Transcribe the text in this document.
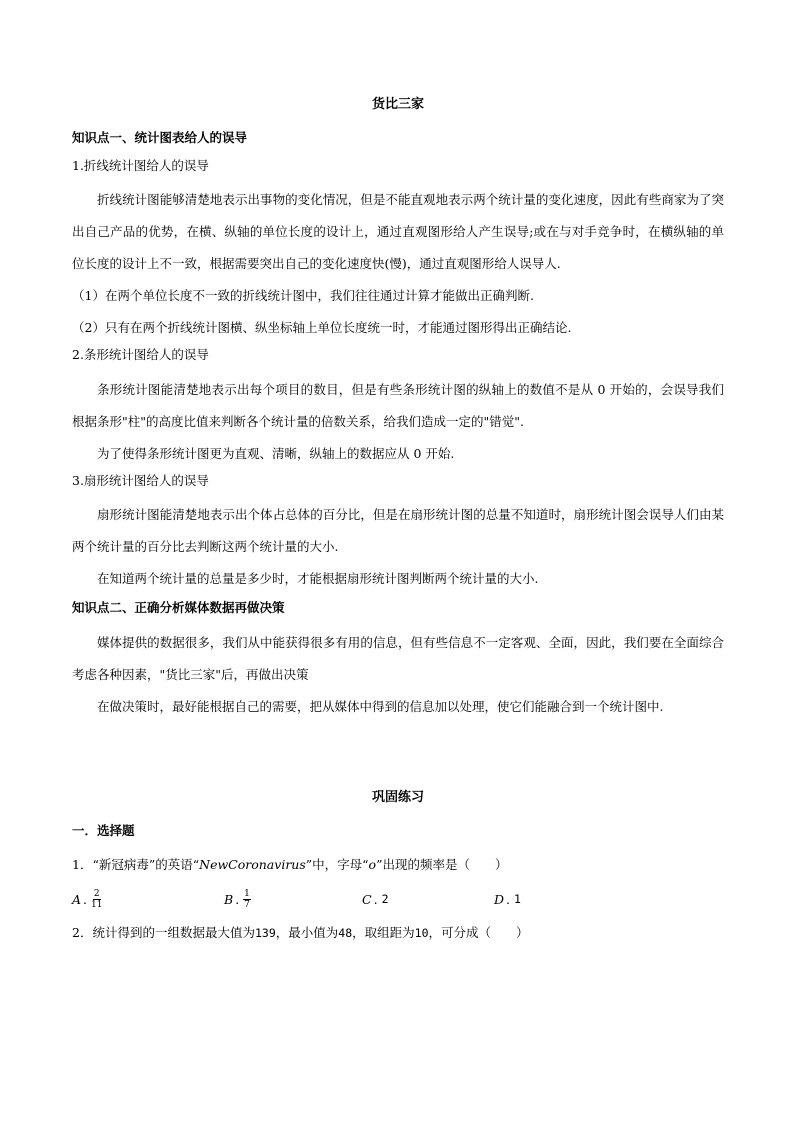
货比三家
知识点一、统计图表给人的误导
1.折线统计图给人的误导

折线统计图能够清楚地表示出事物的变化情况，但是不能直观地表示两个统计量的变化速度，因此有些商家为了突出自己产品的优势，在横、纵轴的单位长度的设计上，通过直观图形给人产生误导;或在与对手竞争时，在横纵轴的单位长度的设计上不一致，根据需要突出自己的变化速度快(慢)，通过直观图形给人误导人.

（1）在两个单位长度不一致的折线统计图中，我们往往通过计算才能做出正确判断.

（2）只有在两个折线统计图横、纵坐标轴上单位长度统一时，才能通过图形得出正确结论.

2.条形统计图给人的误导

条形统计图能清楚地表示出每个项目的数目，但是有些条形统计图的纵轴上的数值不是从 0 开始的，会误导我们根据条形"柱"的高度比值来判断各个统计量的倍数关系，给我们造成一定的"错觉".

为了使得条形统计图更为直观、清晰，纵轴上的数据应从 0 开始.

3.扇形统计图给人的误导

扇形统计图能清楚地表示出个体占总体的百分比，但是在扇形统计图的总量不知道时，扇形统计图会误导人们由某两个统计量的百分比去判断这两个统计量的大小.

在知道两个统计量的总量是多少时，才能根据扇形统计图判断两个统计量的大小.

知识点二、正确分析媒体数据再做决策

媒体提供的数据很多，我们从中能获得很多有用的信息，但有些信息不一定客观、全面，因此，我们要在全面综合考虑各种因素，"货比三家"后，再做出决策

在做决策时，最好能根据自己的需要，把从媒体中得到的信息加以处理，使它们能融合到一个统计图中.

巩固练习
一．选择题

1．“新冠病毒”的英语“NewCoronavirus”中，字母“o”出现的频率是（　　）

A . $\frac{2}{11}$	B . $\frac{1}{7}$	C . 2	D . 1

2．统计得到的一组数据最大值为139，最小值为48，取组距为10，可分成（　　）
